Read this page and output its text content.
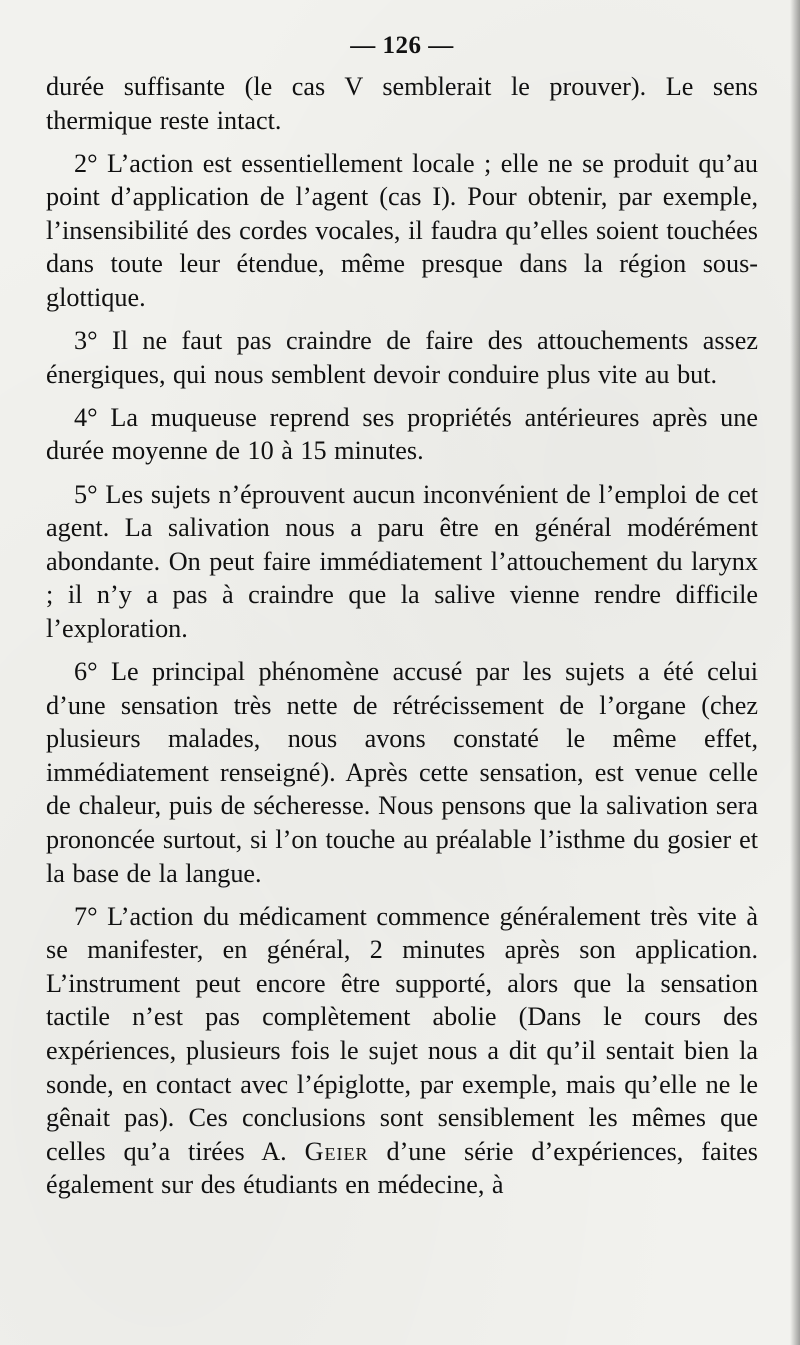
— 126 —

durée suffisante (le cas V semblerait le prouver). Le sens thermique reste intact.

2° L’action est essentiellement locale ; elle ne se produit qu’au point d’application de l’agent (cas I). Pour obtenir, par exemple, l’insensibilité des cordes vocales, il faudra qu’elles soient touchées dans toute leur étendue, même presque dans la région sous-glottique.

3° Il ne faut pas craindre de faire des attouchements assez énergiques, qui nous semblent devoir conduire plus vite au but.

4° La muqueuse reprend ses propriétés antérieures après une durée moyenne de 10 à 15 minutes.

5° Les sujets n’éprouvent aucun inconvénient de l’emploi de cet agent. La salivation nous a paru être en général modérément abondante. On peut faire immédiatement l’attouchement du larynx ; il n’y a pas à craindre que la salive vienne rendre difficile l’exploration.

6° Le principal phénomène accusé par les sujets a été celui d’une sensation très nette de rétrécissement de l’organe (chez plusieurs malades, nous avons constaté le même effet, immédiatement renseigné). Après cette sensation, est venue celle de chaleur, puis de sécheresse. Nous pensons que la salivation sera prononcée surtout, si l’on touche au préalable l’isthme du gosier et la base de la langue.

7° L’action du médicament commence généralement très vite à se manifester, en général, 2 minutes après son application. L’instrument peut encore être supporté, alors que la sensation tactile n’est pas complètement abolie (Dans le cours des expériences, plusieurs fois le sujet nous a dit qu’il sentait bien la sonde, en contact avec l’épiglotte, par exemple, mais qu’elle ne le gênait pas). Ces conclusions sont sensiblement les mêmes que celles qu’a tirées A. Geier d’une série d’expériences, faites également sur des étudiants en médecine, à
